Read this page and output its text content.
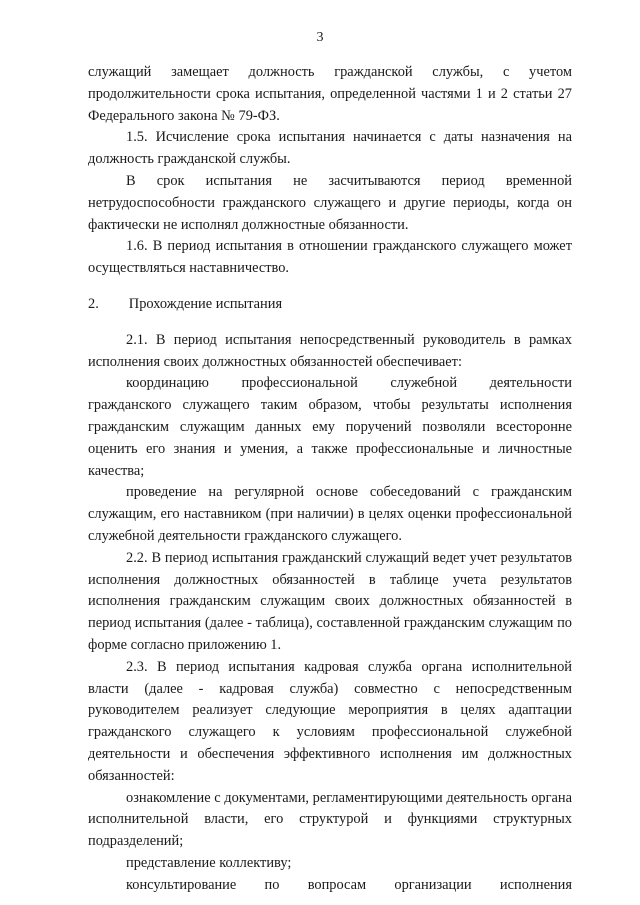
3

служащий замещает должность гражданской службы, с учетом продолжительности срока испытания, определенной частями 1 и 2 статьи 27 Федерального закона № 79-ФЗ.

1.5. Исчисление срока испытания начинается с даты назначения на должность гражданской службы.

В срок испытания не засчитываются период временной нетрудоспособности гражданского служащего и другие периоды, когда он фактически не исполнял должностные обязанности.

1.6. В период испытания в отношении гражданского служащего может осуществляться наставничество.

2. Прохождение испытания

2.1. В период испытания непосредственный руководитель в рамках исполнения своих должностных обязанностей обеспечивает:

координацию профессиональной служебной деятельности гражданского служащего таким образом, чтобы результаты исполнения гражданским служащим данных ему поручений позволяли всесторонне оценить его знания и умения, а также профессиональные и личностные качества;

проведение на регулярной основе собеседований с гражданским служащим, его наставником (при наличии) в целях оценки профессиональной служебной деятельности гражданского служащего.

2.2. В период испытания гражданский служащий ведет учет результатов исполнения должностных обязанностей в таблице учета результатов исполнения гражданским служащим своих должностных обязанностей в период испытания (далее - таблица), составленной гражданским служащим по форме согласно приложению 1.

2.3. В период испытания кадровая служба органа исполнительной власти (далее - кадровая служба) совместно с непосредственным руководителем реализует следующие мероприятия в целях адаптации гражданского служащего к условиям профессиональной служебной деятельности и обеспечения эффективного исполнения им должностных обязанностей:

ознакомление с документами, регламентирующими деятельность органа исполнительной власти, его структурой и функциями структурных подразделений;

представление коллективу;

консультирование по вопросам организации исполнения
